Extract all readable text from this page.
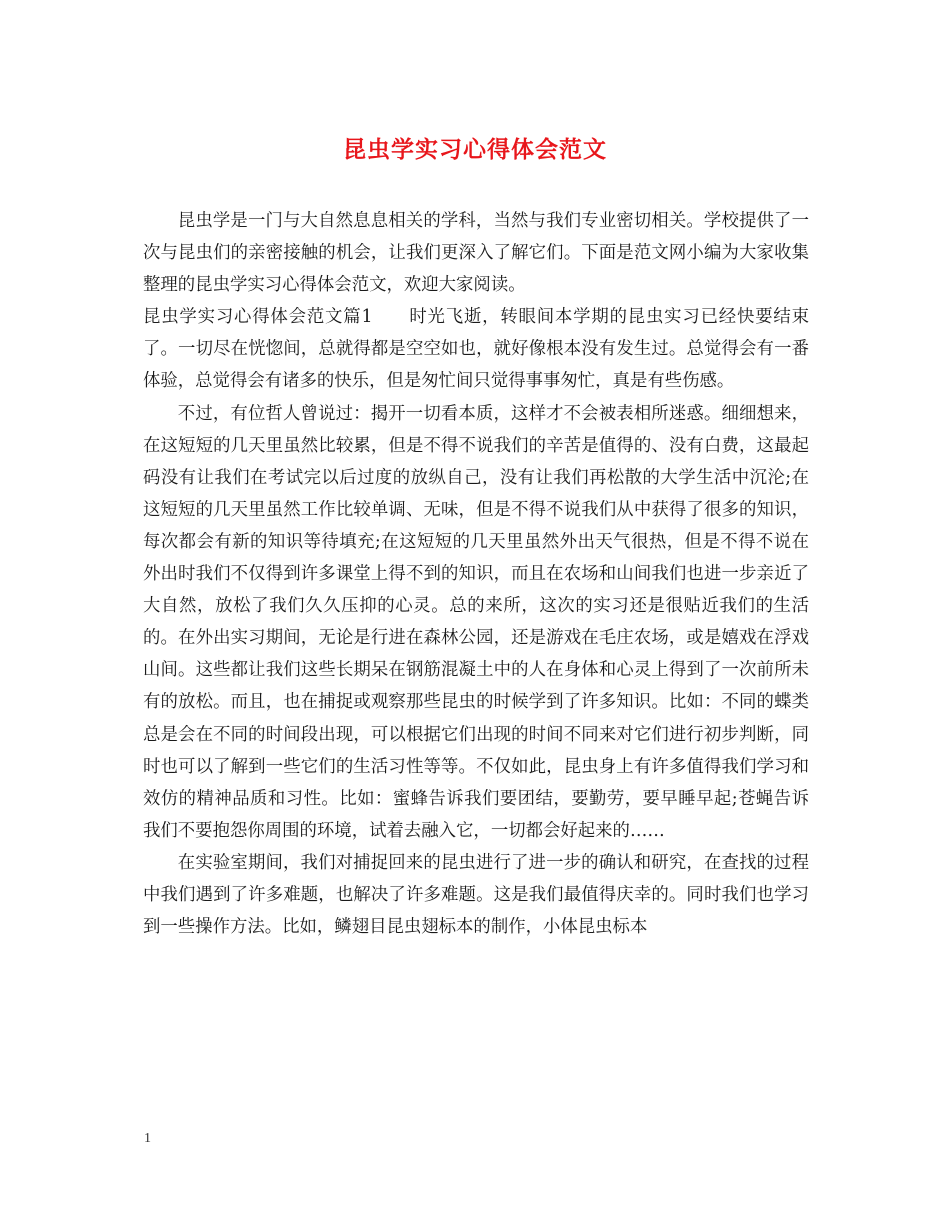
昆虫学实习心得体会范文

昆虫学是一门与大自然息息相关的学科，当然与我们专业密切相关。学校提供了一次与昆虫们的亲密接触的机会，让我们更深入了解它们。下面是范文网小编为大家收集整理的昆虫学实习心得体会范文，欢迎大家阅读。

昆虫学实习心得体会范文篇1 时光飞逝，转眼间本学期的昆虫实习已经快要结束了。一切尽在恍惚间，总就得都是空空如也，就好像根本没有发生过。总觉得会有一番体验，总觉得会有诸多的快乐，但是匆忙间只觉得事事匆忙，真是有些伤感。

不过，有位哲人曾说过：揭开一切看本质，这样才不会被表相所迷惑。细细想来，在这短短的几天里虽然比较累，但是不得不说我们的辛苦是值得的、没有白费，这最起码没有让我们在考试完以后过度的放纵自己，没有让我们再松散的大学生活中沉沦;在这短短的几天里虽然工作比较单调、无味，但是不得不说我们从中获得了很多的知识，每次都会有新的知识等待填充;在这短短的几天里虽然外出天气很热，但是不得不说在外出时我们不仅得到许多课堂上得不到的知识，而且在农场和山间我们也进一步亲近了大自然，放松了我们久久压抑的心灵。总的来所，这次的实习还是很贴近我们的生活的。在外出实习期间，无论是行进在森林公园，还是游戏在毛庄农场，或是嬉戏在浮戏山间。这些都让我们这些长期呆在钢筋混凝土中的人在身体和心灵上得到了一次前所未有的放松。而且，也在捕捉或观察那些昆虫的时候学到了许多知识。比如：不同的蝶类总是会在不同的时间段出现，可以根据它们出现的时间不同来对它们进行初步判断，同时也可以了解到一些它们的生活习性等等。不仅如此，昆虫身上有许多值得我们学习和效仿的精神品质和习性。比如：蜜蜂告诉我们要团结，要勤劳，要早睡早起;苍蝇告诉我们不要抱怨你周围的环境，试着去融入它，一切都会好起来的……

在实验室期间，我们对捕捉回来的昆虫进行了进一步的确认和研究，在查找的过程中我们遇到了许多难题，也解决了许多难题。这是我们最值得庆幸的。同时我们也学习到一些操作方法。比如，鳞翅目昆虫翅标本的制作，小体昆虫标本

1
